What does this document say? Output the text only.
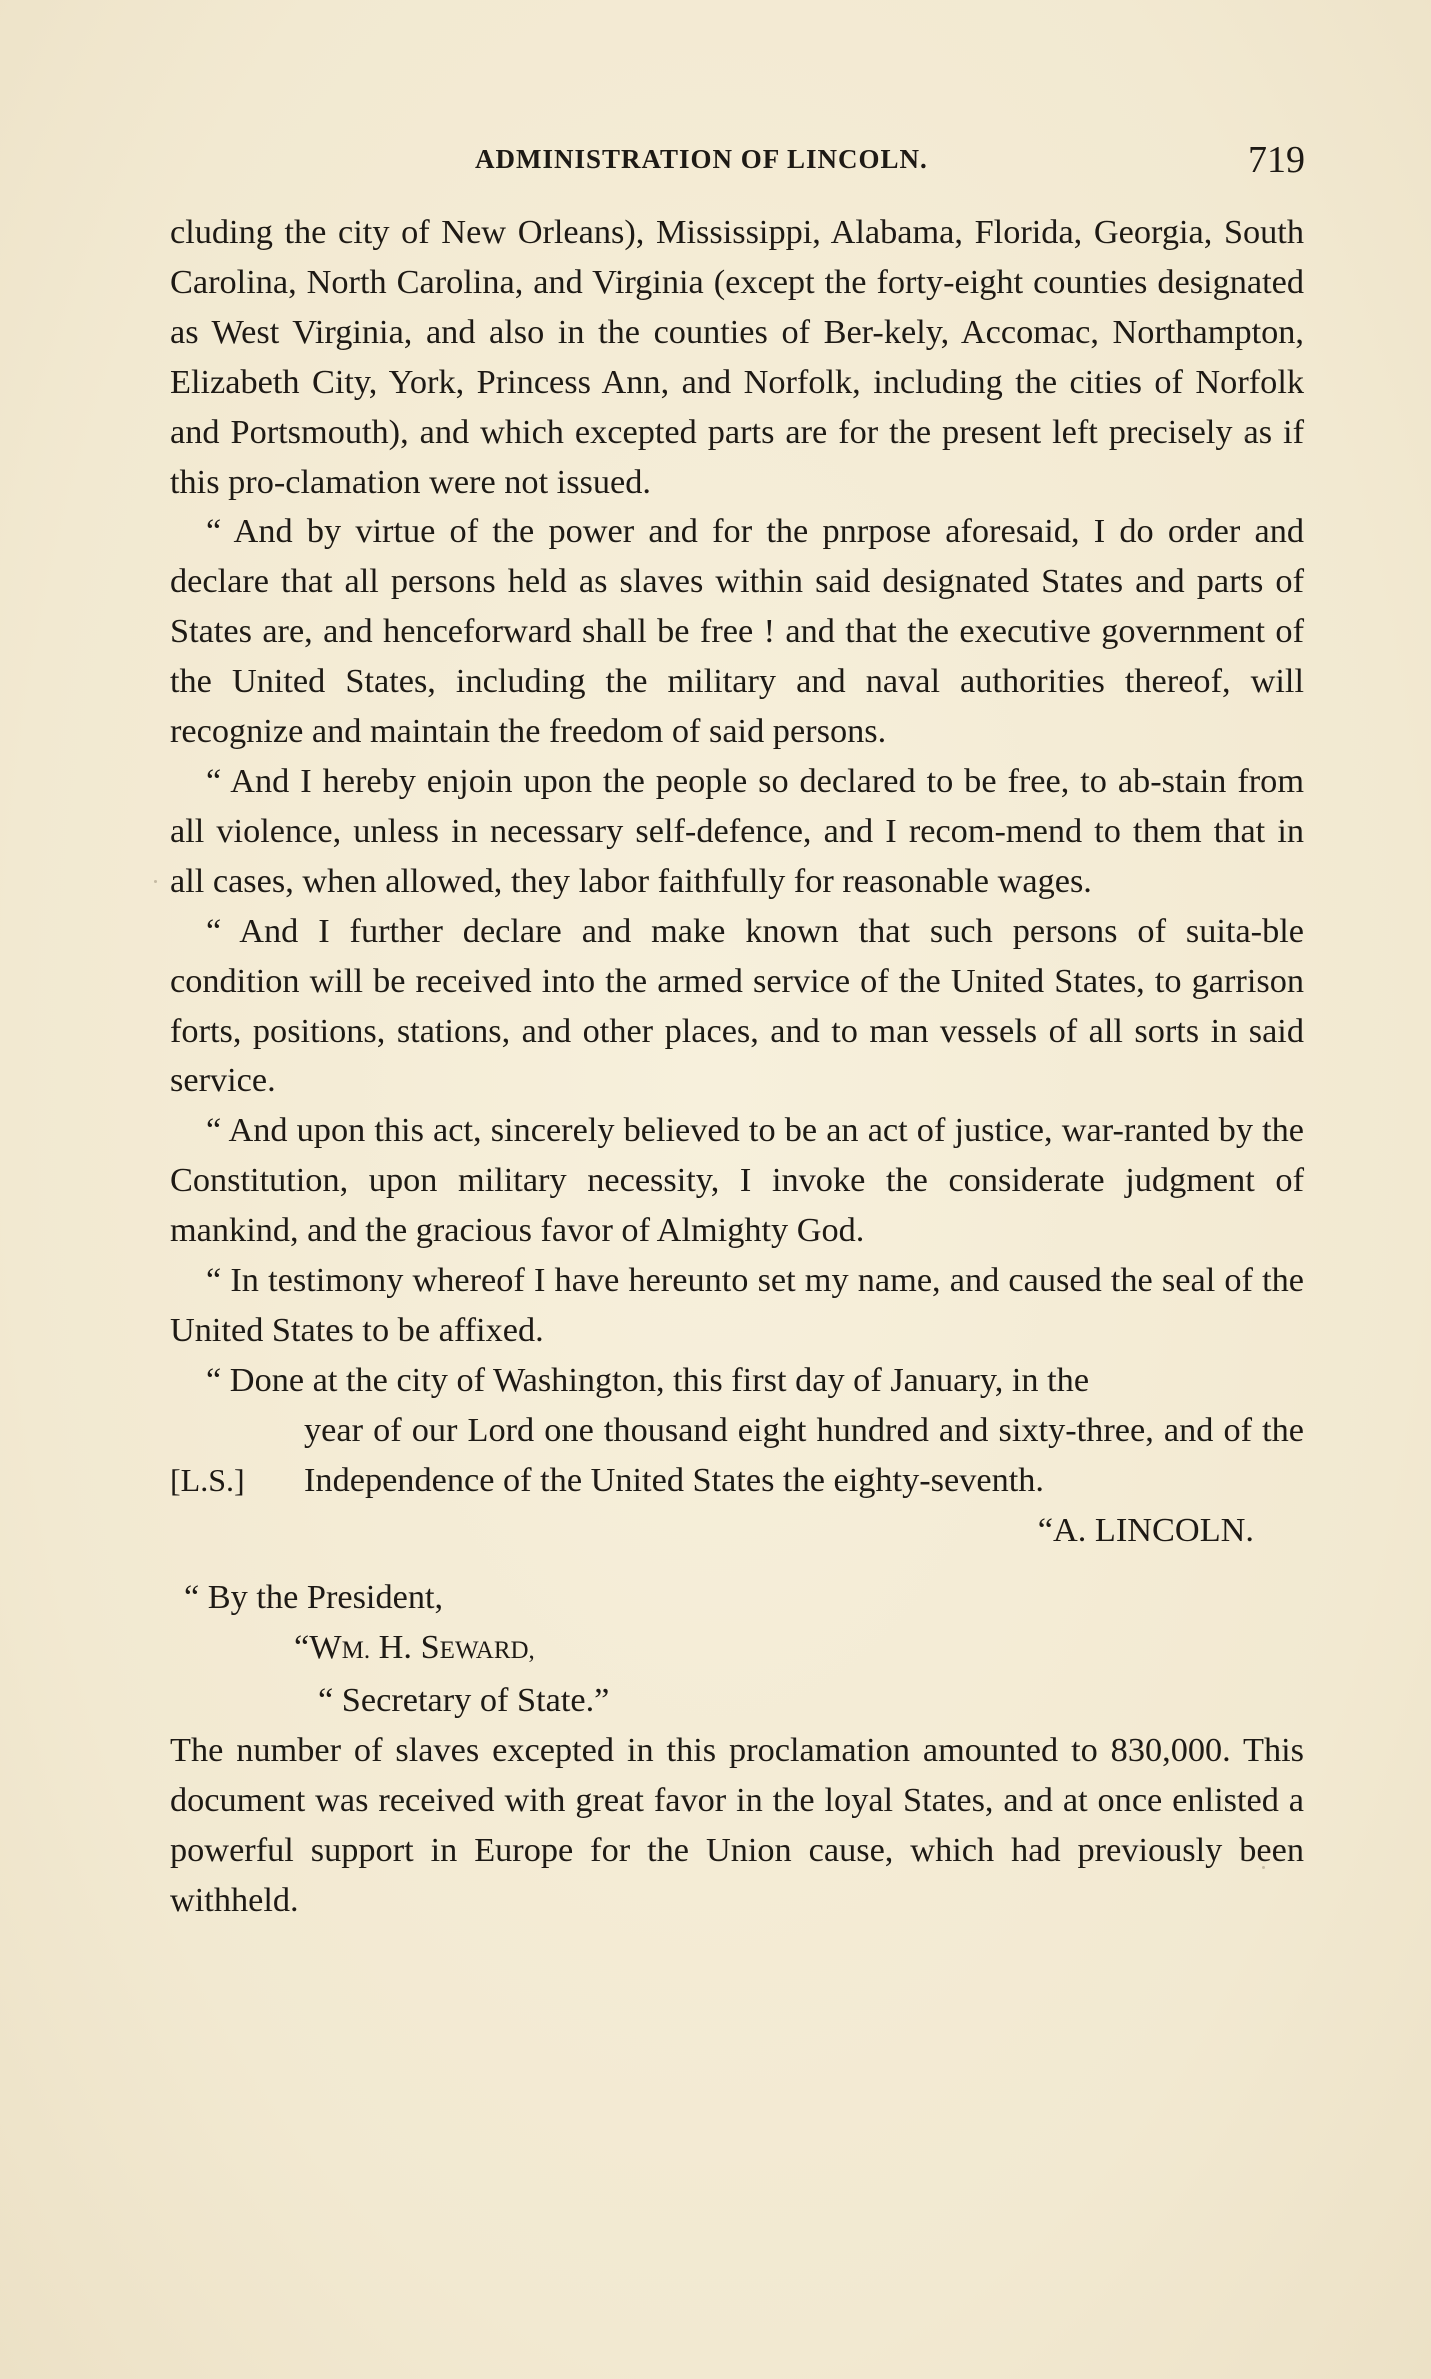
ADMINISTRATION OF LINCOLN.	719

cluding the city of New Orleans), Mississippi, Alabama, Florida, Georgia, South Carolina, North Carolina, and Virginia (except the forty-eight counties designated as West Virginia, and also in the counties of Ber-kely, Accomac, Northampton, Elizabeth City, York, Princess Ann, and Norfolk, including the cities of Norfolk and Portsmouth), and which excepted parts are for the present left precisely as if this pro-clamation were not issued.

“ And by virtue of the power and for the pnrpose aforesaid, I do order and declare that all persons held as slaves within said designated States and parts of States are, and henceforward shall be free ! and that the executive government of the United States, including the military and naval authorities thereof, will recognize and maintain the freedom of said persons.

“ And I hereby enjoin upon the people so declared to be free, to ab-stain from all violence, unless in necessary self-defence, and I recom-mend to them that in all cases, when allowed, they labor faithfully for reasonable wages.

“ And I further declare and make known that such persons of suita-ble condition will be received into the armed service of the United States, to garrison forts, positions, stations, and other places, and to man vessels of all sorts in said service.

“ And upon this act, sincerely believed to be an act of justice, war-ranted by the Constitution, upon military necessity, I invoke the considerate judgment of mankind, and the gracious favor of Almighty God.

“ In testimony whereof I have hereunto set my name, and caused the seal of the United States to be affixed.

“ Done at the city of Washington, this first day of January, in the
[L.S.]
year of our Lord one thousand eight hundred and sixty-three, and of the Independence of the United States the eighty-seventh.
“A. LINCOLN.
“ By the President,
“WM. H. SEWARD,
“ Secretary of State.”

The number of slaves excepted in this proclamation amounted to 830,000. This document was received with great favor in the loyal States, and at once enlisted a powerful support in Europe for the Union cause, which had previously been withheld.
